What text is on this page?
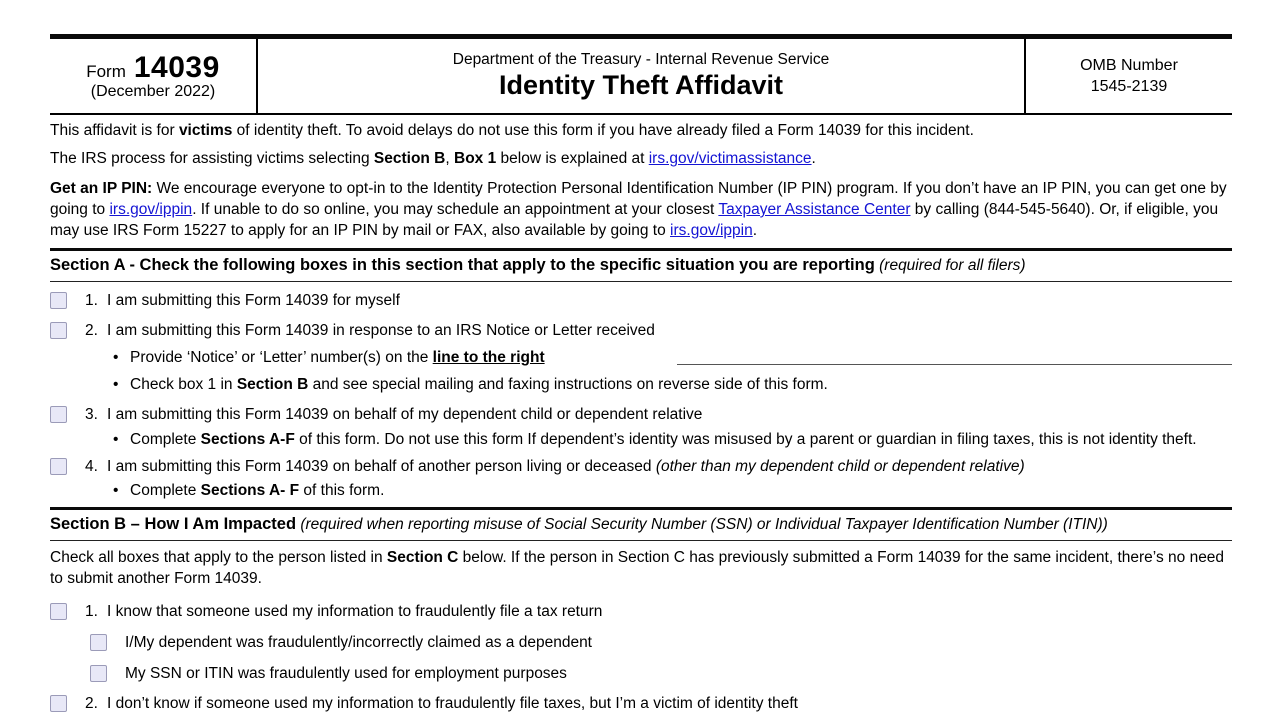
Form 14039
(December 2022)
Department of the Treasury - Internal Revenue Service
Identity Theft Affidavit
OMB Number
1545-2139
This affidavit is for victims of identity theft. To avoid delays do not use this form if you have already filed a Form 14039 for this incident.
The IRS process for assisting victims selecting Section B, Box 1 below is explained at irs.gov/victimassistance.
Get an IP PIN: We encourage everyone to opt-in to the Identity Protection Personal Identification Number (IP PIN) program. If you don’t have an IP PIN, you can get one by going to irs.gov/ippin. If unable to do so online, you may schedule an appointment at your closest Taxpayer Assistance Center by calling (844-545-5640). Or, if eligible, you may use IRS Form 15227 to apply for an IP PIN by mail or FAX, also available by going to irs.gov/ippin.
Section A - Check the following boxes in this section that apply to the specific situation you are reporting (required for all filers)
1. I am submitting this Form 14039 for myself
2. I am submitting this Form 14039 in response to an IRS Notice or Letter received
• Provide ‘Notice’ or ‘Letter’ number(s) on the line to the right
• Check box 1 in Section B and see special mailing and faxing instructions on reverse side of this form.
3. I am submitting this Form 14039 on behalf of my dependent child or dependent relative
• Complete Sections A-F of this form. Do not use this form If dependent’s identity was misused by a parent or guardian in filing taxes, this is not identity theft.
4. I am submitting this Form 14039 on behalf of another person living or deceased (other than my dependent child or dependent relative)
• Complete Sections A- F of this form.
Section B – How I Am Impacted (required when reporting misuse of Social Security Number (SSN) or Individual Taxpayer Identification Number (ITIN))
Check all boxes that apply to the person listed in Section C below. If the person in Section C has previously submitted a Form 14039 for the same incident, there’s no need to submit another Form 14039.
1. I know that someone used my information to fraudulently file a tax return
I/My dependent was fraudulently/incorrectly claimed as a dependent
My SSN or ITIN was fraudulently used for employment purposes
2. I don’t know if someone used my information to fraudulently file taxes, but I’m a victim of identity theft
